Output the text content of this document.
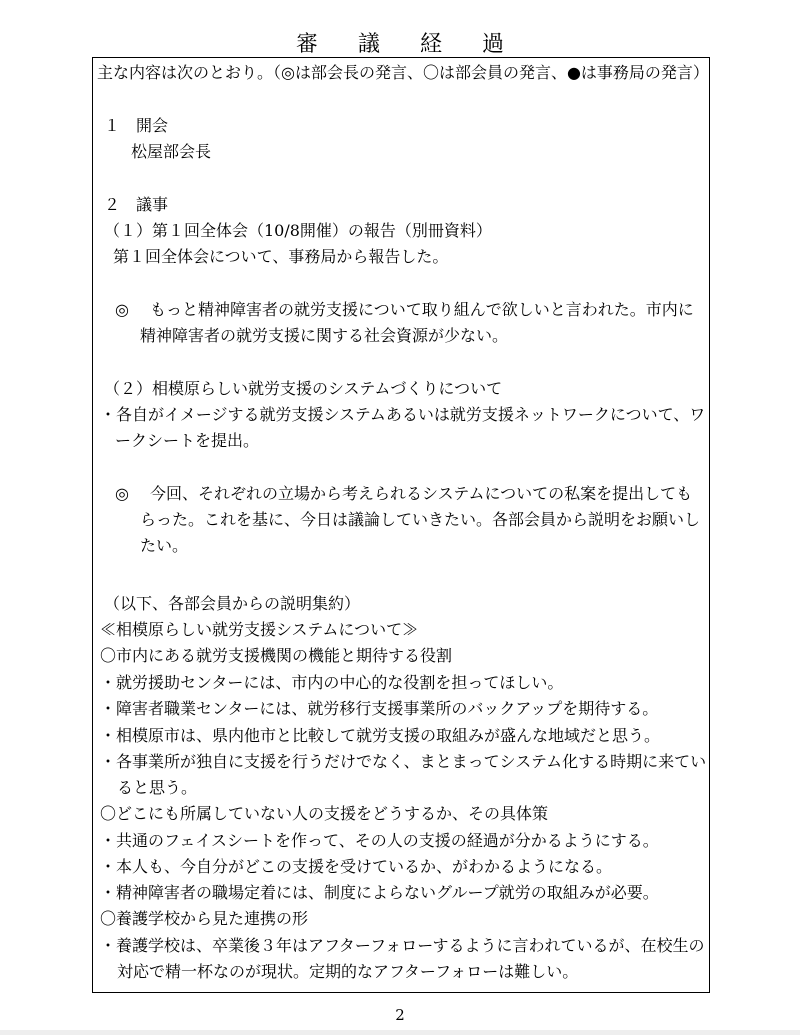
審議経過
主な内容は次のとおり。（◎は部会長の発言、〇は部会員の発言、●は事務局の発言）
１　開会
松屋部会長
２　議事
（１）第１回全体会（10/8開催）の報告（別冊資料）
第１回全体会について、事務局から報告した。
◎　 もっと精神障害者の就労支援について取り組んで欲しいと言われた。市内に
精神障害者の就労支援に関する社会資源が少ない。
（２）相模原らしい就労支援のシステムづくりについて
・各自がイメージする就労支援システムあるいは就労支援ネットワークについて、ワ
ークシートを提出。
◎　 今回、それぞれの立場から考えられるシステムについての私案を提出しても
らった。これを基に、今日は議論していきたい。各部会員から説明をお願いし
たい。
（以下、各部会員からの説明集約）
≪相模原らしい就労支援システムについて≫
〇市内にある就労支援機関の機能と期待する役割
・就労援助センターには、市内の中心的な役割を担ってほしい。
・障害者職業センターには、就労移行支援事業所のバックアップを期待する。
・相模原市は、県内他市と比較して就労支援の取組みが盛んな地域だと思う。
・各事業所が独自に支援を行うだけでなく、まとまってシステム化する時期に来てい
ると思う。
〇どこにも所属していない人の支援をどうするか、その具体策
・共通のフェイスシートを作って、その人の支援の経過が分かるようにする。
・本人も、今自分がどこの支援を受けているか、がわかるようになる。
・精神障害者の職場定着には、制度によらないグループ就労の取組みが必要。
〇養護学校から見た連携の形
・養護学校は、卒業後３年はアフターフォローするように言われているが、在校生の
対応で精一杯なのが現状。定期的なアフターフォローは難しい。
2
